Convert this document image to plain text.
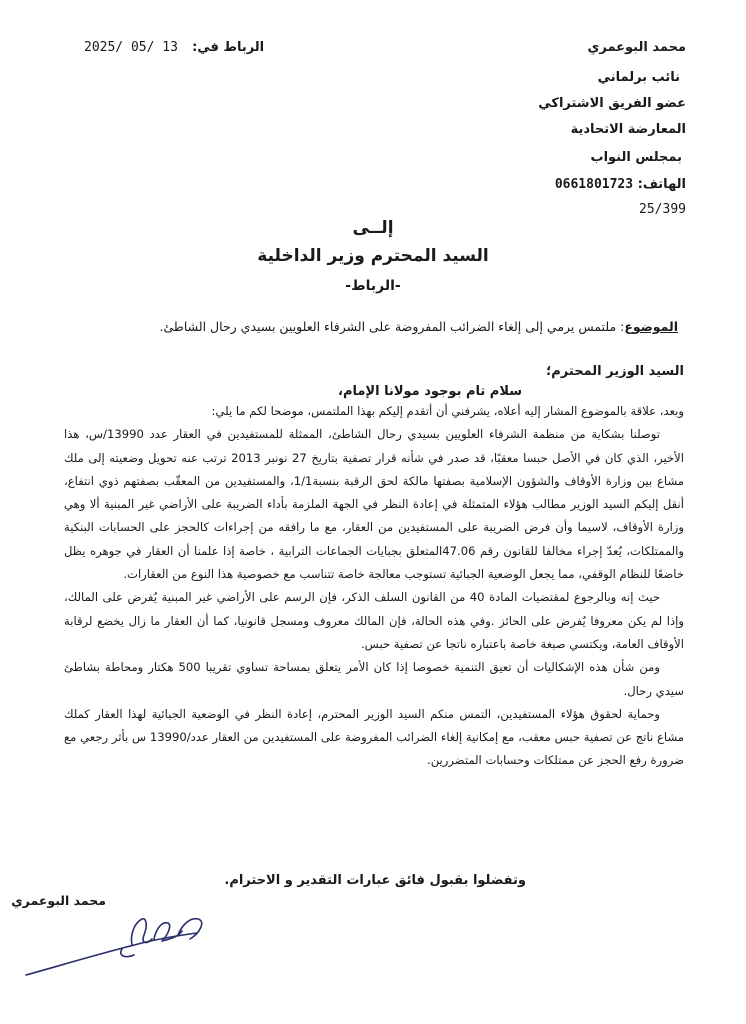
محمد البوعمري
نائب برلماني
عضو الفريق الاشتراكي
المعارضة الاتحادية
بمجلس النواب
الهاتف: 0661801723
25/399
الرباط في: 2025/ 05/ 13
إلــى
السيد المحترم وزير الداخلية
-الرباط-
الموضوع: ملتمس يرمي إلى إلغاء الضرائب المفروضة على الشرفاء العلويين بسيدي رحال الشاطئ.
السيد الوزير المحترم؛
سلام تام بوجود مولانا الإمام،

وبعد، علاقة بالموضوع المشار إليه أعلاه، يشرفني أن أتقدم إليكم بهذا الملتمس، موضحا لكم ما يلي:

توصلنا بشكاية من منظمة الشرفاء العلويين بسيدي رحال الشاطئ، الممثلة للمستفيدين في العقار عدد 13990/س، هذا الأخير، الذي كان في الأصل حبسا معقبًا، قد صدر في شأنه قرار تصفية بتاريخ 27 نونبر 2013 ترتب عنه تحويل وضعيته إلى ملك مشاع بين وزارة الأوقاف والشؤون الإسلامية بصفتها مالكة لحق الرقبة بنسبة1/1، والمستفيدين من المعقّب بصفتهم ذوي انتفاع، أنقل إليكم السيد الوزير مطالب هؤلاء المتمثلة في إعادة النظر في الجهة الملزمة بأداء الضريبة على الأراضي غير المبنية ألا وهي وزارة الأوقاف، لاسيما وأن فرض الضريبة على المستفيدين من العقار، مع ما رافقه من إجراءات كالحجز على الحسابات البنكية والممتلكات، يُعدّ إجراء مخالفا للقانون رقم 47.06المتعلق بجبايات الجماعات الترابية ، خاصة إذا علمنا أن العقار في جوهره يظل خاضعًا للنظام الوقفي، مما يجعل الوضعية الجبائية تستوجب معالجة خاصة تتناسب مع خصوصية هذا النوع من العقارات.

حيث إنه وبالرجوع لمقتضيات المادة 40 من القانون السلف الذكر، فإن الرسم على الأراضي غير المبنية يُفرض على المالك، وإذا لم يكن معروفا يُفرض على الحائز .وفي هذه الحالة، فإن المالك معروف ومسجل قانونيا، كما أن العقار ما زال يخضع لرقابة الأوقاف العامة، ويكتسي صبغة خاصة باعتباره ناتجا عن تصفية حبس.

ومن شأن هذه الإشكاليات أن تعيق التنمية خصوصا إذا كان الأمر يتعلق بمساحة تساوي تقريبا 500 هكتار ومحاطة بشاطئ سيدي رحال.

وحماية لحقوق هؤلاء المستفيدين، التمس منكم السيد الوزير المحترم، إعادة النظر في الوضعية الجبائية لهذا العقار كملك مشاع ناتج عن تصفية حبس معقب، مع إمكانية إلغاء الضرائب المفروضة على المستفيدين من العقار عدد/13990 س بأثر رجعي مع ضرورة رفع الحجز عن ممتلكات وحسابات المتضررين.

وتفضلوا بقبول فائق عبارات التقدير و الاحترام.
محمد البوعمري
